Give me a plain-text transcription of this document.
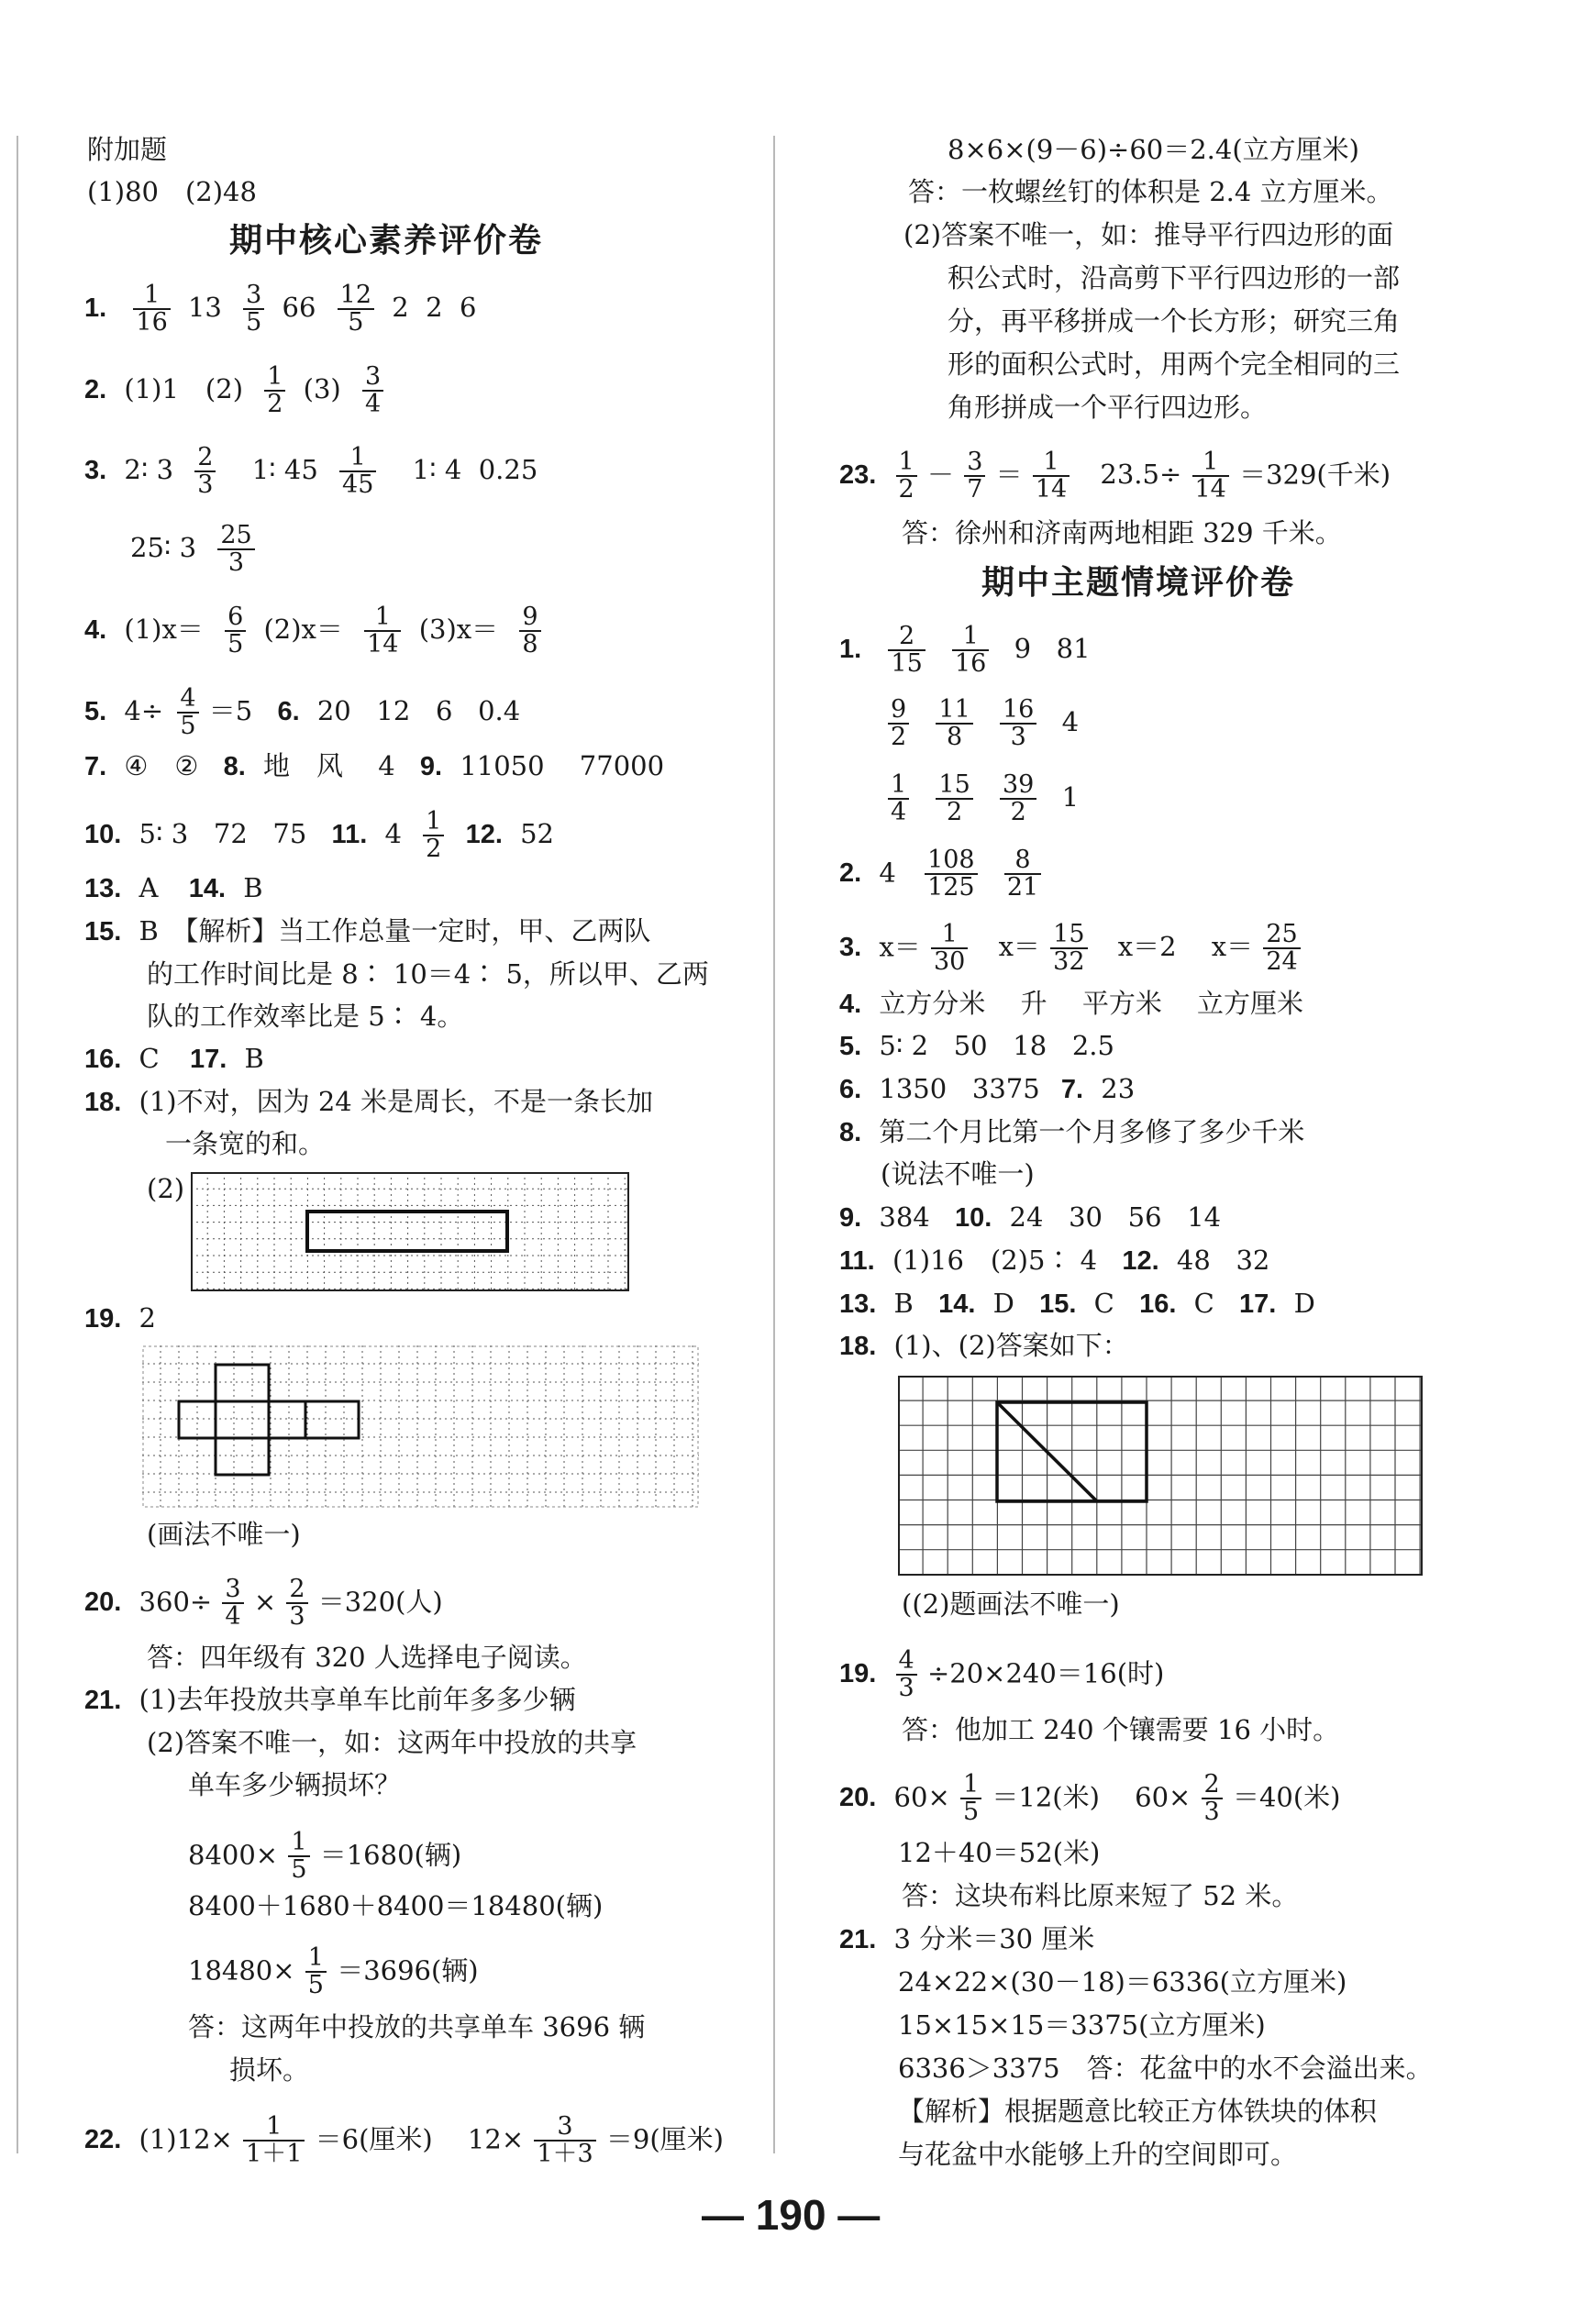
附加题
(1)80　(2)48
期中核心素养评价卷
1. $\frac{1}{16} 13 \frac{3}{5} 66 \frac{12}{5} 2$  2  6
2. (1)1　$(2) \frac{1}{2} (3) \frac{3}{4}$
3. 2∶ $3 \frac{2}{3}$ 1∶ $45 \frac{1}{45}$ 1∶ 4  0.25
25∶ $3 \frac{25}{3}$
4. $(1)x= \frac{6}{5} (2)x= \frac{1}{14} (3)x= \frac{9}{8}$
5. $4\div \frac{4}{5} =5$ 6. 20   12   6   0.4
7. ④　② 8. 地　风　 4 9. 11050　 77000
10. 5∶ 3   72   75 11. $4 \frac{1}{2} 12$. 52
13. A 14. B
15. B　【解析】当工作总量一定时，甲、乙两队
的工作时间比是 8∶ 10＝4∶ 5，所以甲、乙两
队的工作效率比是 5∶ 4。
16. C 17. B
18. (1)不对，因为 24 米是周长，不是一条长加
一条宽的和。
(2)
19. 2
(画法不唯一)
20. $360\div \frac{3}{4} \times \frac{2}{3} =320$(人)
答：四年级有 320 人选择电子阅读。
21. (1)去年投放共享单车比前年多多少辆
(2)答案不唯一，如：这两年中投放的共享
单车多少辆损坏？
$8400\times \frac{1}{5} =1680$(辆)
8400＋1680＋8400＝18480(辆)
$18480\times \frac{1}{5} =3696$(辆)
答：这两年中投放的共享单车 3696 辆
损坏。
22. $(1)12\times \frac{1}{1+1} =6$(厘米)　 $12\times \frac{3}{1+3} =9$(厘米)
8×6×(9－6)÷60＝2.4(立方厘米)
答：一枚螺丝钉的体积是 2.4 立方厘米。
(2)答案不唯一，如：推导平行四边形的面
积公式时，沿高剪下平行四边形的一部
分，再平移拼成一个长方形；研究三角
形的面积公式时，用两个完全相同的三
角形拼成一个平行四边形。
23. $\frac{1}{2} - \frac{3}{7} = \frac{1}{14} 23.5\div \frac{1}{14} =329$(千米)
答：徐州和济南两地相距 329 千米。
期中主题情境评价卷
1. $\frac{2}{15}$
$\frac{1}{16} 9$   81
$\frac{9}{2}$
$\frac{11}{8}$
$\frac{16}{3} 4$
$\frac{1}{4}$
$\frac{15}{2}$
$\frac{39}{2} 1$
2. $4 \frac{108}{125}$
$\frac{8}{21}$
3. $x= \frac{1}{30} x= \frac{15}{32} x=2$　 $x= \frac{25}{24}$
4. 立方分米　 升　 平方米　 立方厘米
5. 5∶ 2   50   18   2.5
6. 1350   3375 7. 23
8. 第二个月比第一个月多修了多少千米
(说法不唯一)
9. 384 10. 24   30   56   14
11. (1)16　(2)5∶ 4 12. 48   32
13. B 14. D 15. C 16. C 17. D
18. (1)、(2)答案如下：
((2)题画法不唯一)
19. $\frac{4}{3} \div 20\times 240=16$(时)
答：他加工 240 个镶需要 16 小时。
20. $60\times \frac{1}{5} =12$(米)　 $60\times \frac{2}{3} =40$(米)
12＋40＝52(米)
答：这块布料比原来短了 52 米。
21. 3 分米＝30 厘米
24×22×(30－18)＝6336(立方厘米)
15×15×15＝3375(立方厘米)
6336＞3375　答：花盆中的水不会溢出来。
【解析】根据题意比较正方体铁块的体积
与花盆中水能够上升的空间即可。
— 190 —
